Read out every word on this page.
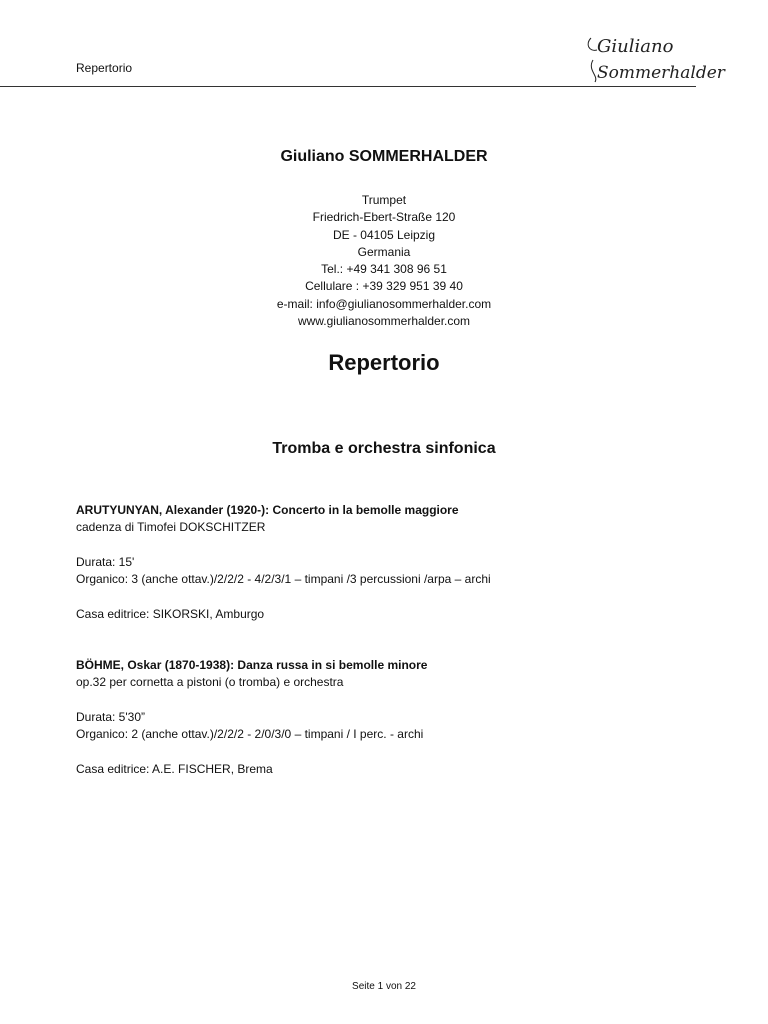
Repertorio
Giuliano
Sommerhalder
Giuliano SOMMERHALDER
Trumpet
Friedrich-Ebert-Straße 120
DE - 04105 Leipzig
Germania
Tel.: +49 341 308 96 51
Cellulare : +39 329 951 39 40
e-mail: info@giulianosommerhalder.com
www.giulianosommerhalder.com
Repertorio
Tromba e orchestra sinfonica
ARUTYUNYAN, Alexander (1920-): Concerto in la bemolle maggiore
cadenza di Timofei DOKSCHITZER
Durata: 15'
Organico: 3 (anche ottav.)/2/2/2 - 4/2/3/1 – timpani /3 percussioni /arpa – archi
Casa editrice: SIKORSKI, Amburgo
BÖHME, Oskar (1870-1938): Danza russa in si bemolle minore
op.32 per cornetta a pistoni (o tromba) e orchestra
Durata: 5'30”
Organico: 2 (anche ottav.)/2/2/2 - 2/0/3/0 – timpani / I perc. - archi
Casa editrice: A.E. FISCHER, Brema
Seite 1 von 22
